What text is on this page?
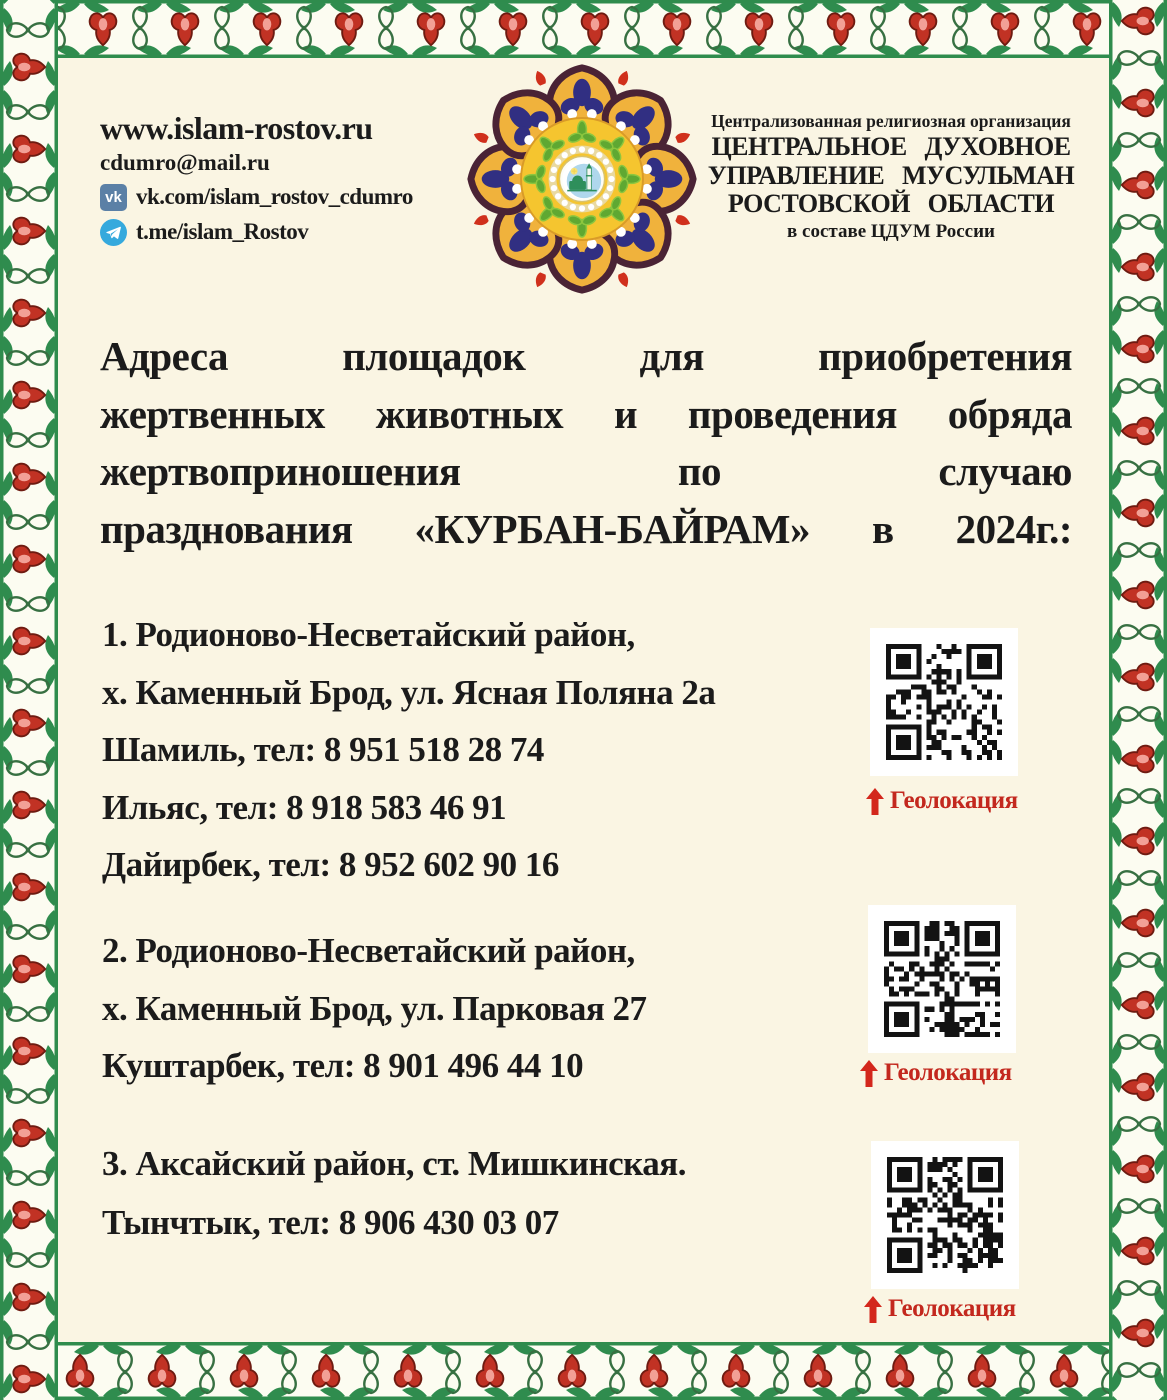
www.islam-rostov.ru
cdumro@mail.ru
vk vk.com/islam_rostov_cdumro
t.me/islam_Rostov
Централизованная религиозная организация
ЦЕНТРАЛЬНОЕ ДУХОВНОЕ
УПРАВЛЕНИЕ МУСУЛЬМАН
РОСТОВСКОЙ ОБЛАСТИ
в составе ЦДУМ России
Адреса площадок для приобретения
жертвенных животных и проведения обряда
жертвоприношения по случаю
празднования «КУРБАН-БАЙРАМ» в 2024г.:
1. Родионово-Несветайский район,
х. Каменный Брод, ул. Ясная Поляна 2а
Шамиль, тел: 8 951 518 28 74
Ильяс, тел: 8 918 583 46 91
Дайирбек, тел: 8 952 602 90 16
2. Родионово-Несветайский район,
х. Каменный Брод, ул. Парковая 27
Куштарбек, тел: 8 901 496 44 10
3. Аксайский район, ст. Мишкинская.
Тынчтык, тел: 8 906 430 03 07
Геолокация
Геолокация
Геолокация
